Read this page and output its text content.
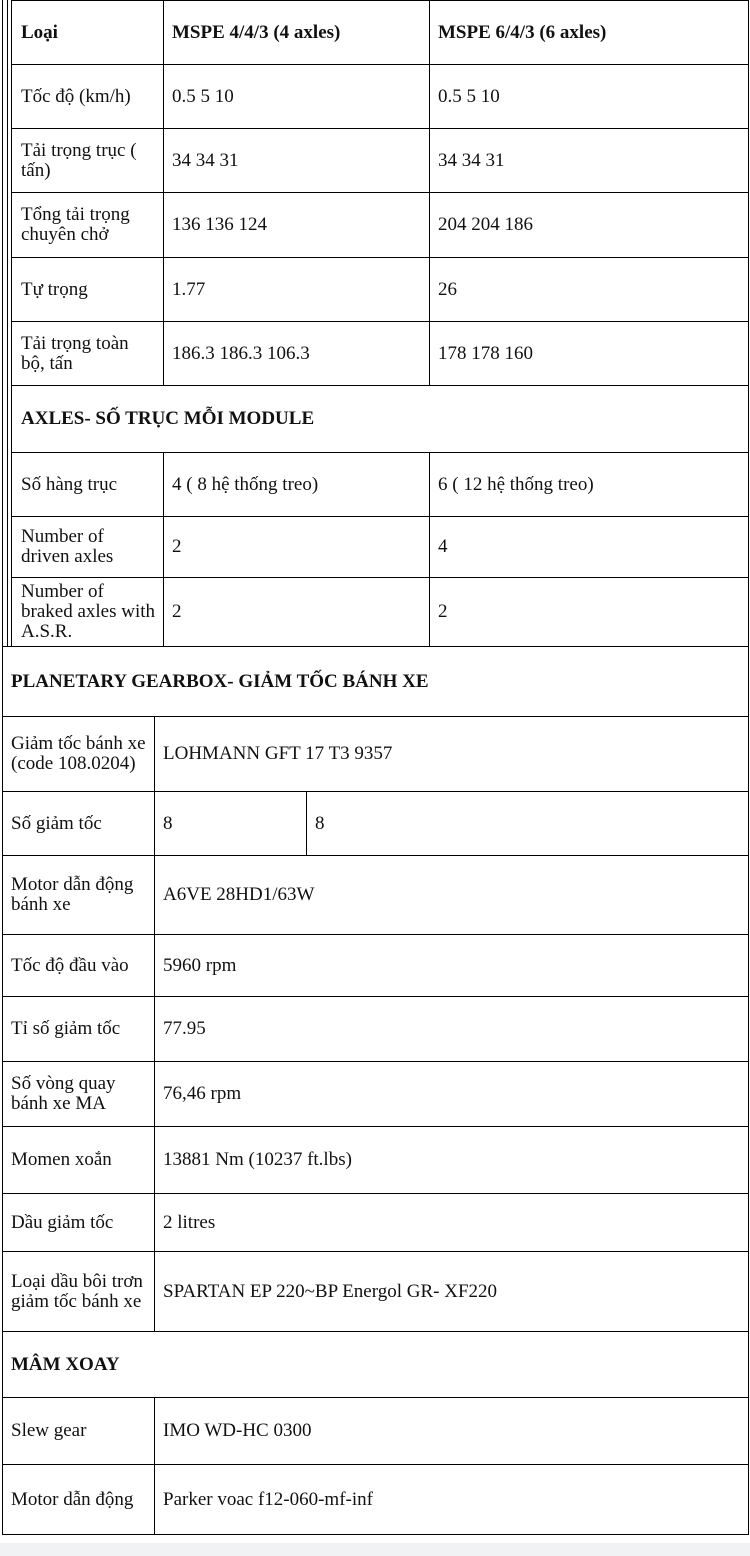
Loại	MSPE 4/4/3 (4 axles)	MSPE 6/4/3 (6 axles)
Tốc độ (km/h)	0.5 5 10	0.5 5 10
Tải trọng trục ( tấn)	34 34 31	34 34 31
Tổng tải trọng chuyên chở	136 136 124	204 204 186
Tự trọng	1.77	26
Tải trọng toàn bộ, tấn	186.3 186.3 106.3	178 178 160
AXLES- SỐ TRỤC MỖI MODULE		
Số hàng trục	4 ( 8 hệ thống treo)	6 ( 12 hệ thống treo)
Number of driven axles	2	4
Number of braked axles with A.S.R.	2	2
PLANETARY GEARBOX- GIẢM TỐC BÁNH XE		
Giảm tốc bánh xe (code 108.0204)	LOHMANN GFT 17 T3 9357	
Số giảm tốc	8	8
Motor dẫn động bánh xe	A6VE 28HD1/63W	
Tốc độ đầu vào	5960 rpm	
Tỉ số giảm tốc	77.95	
Số vòng quay bánh xe MA	76,46 rpm	
Momen xoắn	13881 Nm (10237 ft.lbs)	
Dầu giảm tốc	2 litres	
Loại dầu bôi trơn giảm tốc bánh xe	SPARTAN EP 220~BP Energol GR- XF220	
MÂM XOAY		
Slew gear	IMO WD-HC 0300	
Motor dẫn động	Parker voac f12-060-mf-inf	
